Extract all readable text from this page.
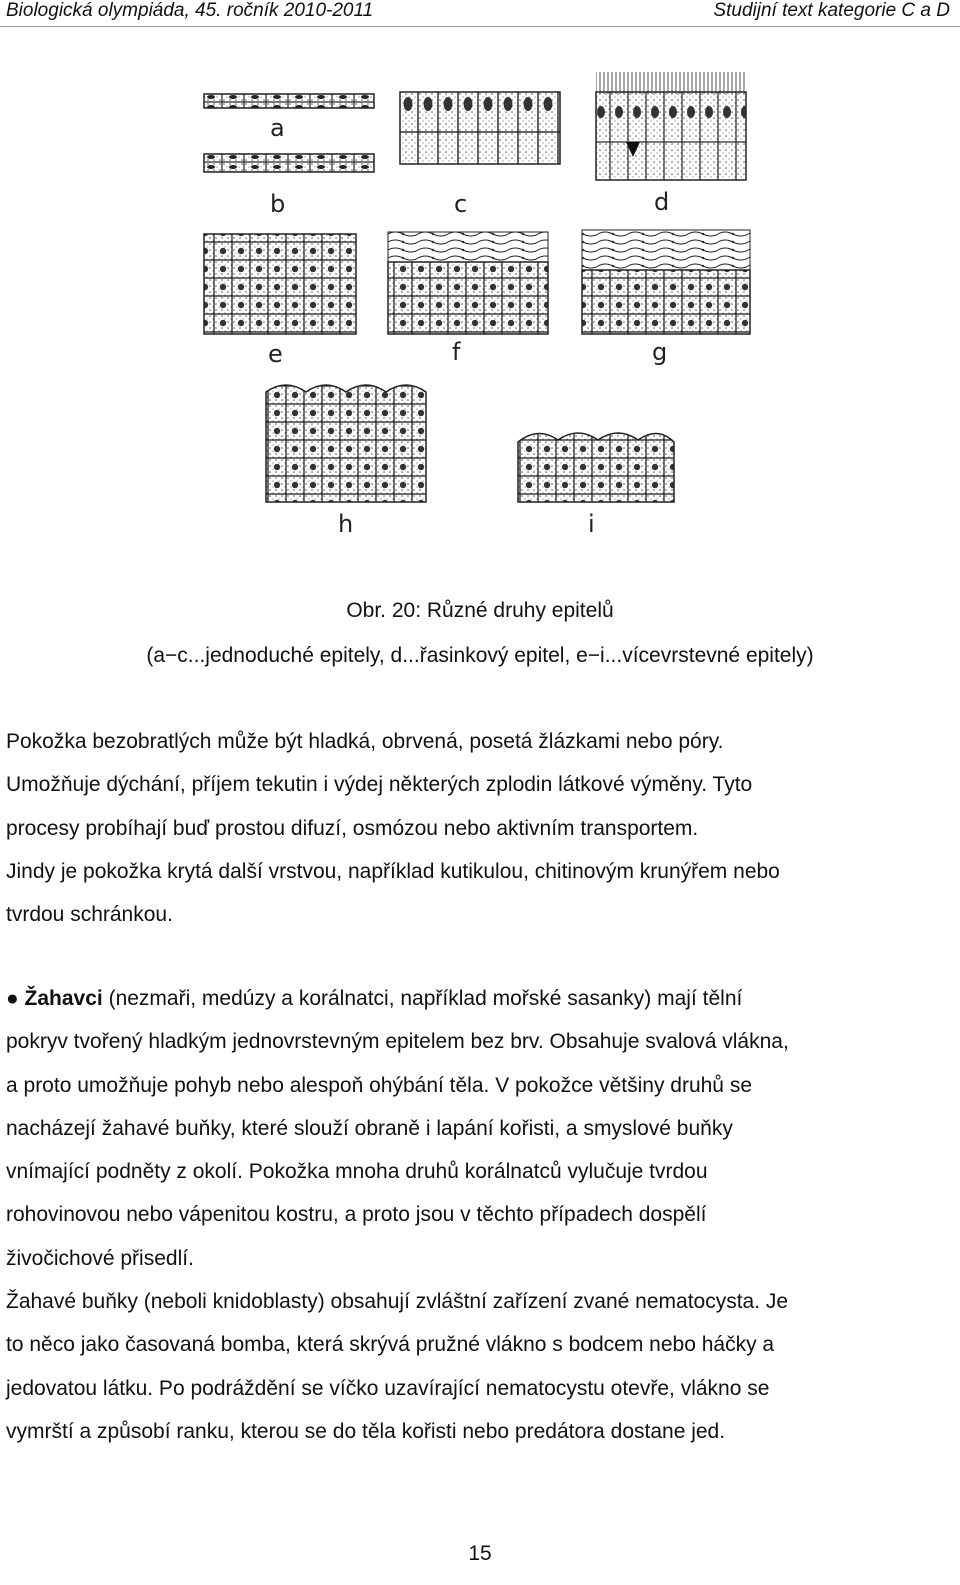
Biologická olympiáda, 45. ročník 2010-2011	Studijní text kategorie C a D
a
b	c	d
e	f	g
h	i
Obr. 20: Různé druhy epitelů
(a−c...jednoduché epitely, d...řasinkový epitel, e−i...vícevrstevné epitely)
Pokožka bezobratlých může být hladká, obrvená, posetá žlázkami nebo póry.
Umožňuje dýchání, příjem tekutin i výdej některých zplodin látkové výměny. Tyto
procesy probíhají buď prostou difuzí, osmózou nebo aktivním transportem.
Jindy je pokožka krytá další vrstvou, například kutikulou, chitinovým krunýřem nebo
tvrdou schránkou.
● Žahavci (nezmaři, medúzy a korálnatci, například mořské sasanky) mají tělní
pokryv tvořený hladkým jednovrstevným epitelem bez brv. Obsahuje svalová vlákna,
a proto umožňuje pohyb nebo alespoň ohýbání těla. V pokožce většiny druhů se
nacházejí žahavé buňky, které slouží obraně i lapání kořisti, a smyslové buňky
vnímající podněty z okolí. Pokožka mnoha druhů korálnatců vylučuje tvrdou
rohovinovou nebo vápenitou kostru, a proto jsou v těchto případech dospělí
živočichové přisedlí.
Žahavé buňky (neboli knidoblasty) obsahují zvláštní zařízení zvané nematocysta. Je
to něco jako časovaná bomba, která skrývá pružné vlákno s bodcem nebo háčky a
jedovatou látku. Po podráždění se víčko uzavírající nematocystu otevře, vlákno se
vymrští a způsobí ranku, kterou se do těla kořisti nebo predátora dostane jed.
15
